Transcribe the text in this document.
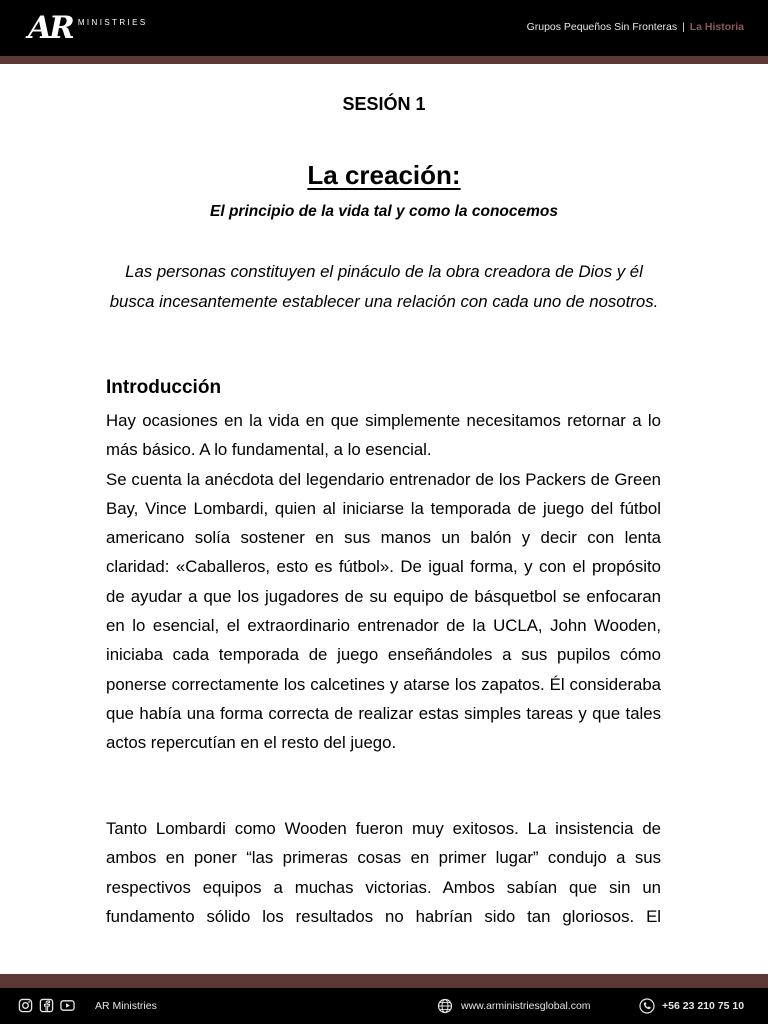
AR MINISTRIES	Grupos Pequeños Sin Fronteras | La Historia
SESIÓN 1
La creación:
El principio de la vida tal y como la conocemos
Las personas constituyen el pináculo de la obra creadora de Dios y él busca incesantemente establecer una relación con cada uno de nosotros.
Introducción

Hay ocasiones en la vida en que simplemente necesitamos retornar a lo más básico. A lo fundamental, a lo esencial.

Se cuenta la anécdota del legendario entrenador de los Packers de Green Bay, Vince Lombardi, quien al iniciarse la temporada de juego del fútbol americano solía sostener en sus manos un balón y decir con lenta claridad: «Caballeros, esto es fútbol». De igual forma, y con el propósito de ayudar a que los jugadores de su equipo de básquetbol se enfocaran en lo esencial, el extraordinario entrenador de la UCLA, John Wooden, iniciaba cada temporada de juego enseñándoles a sus pupilos cómo ponerse correctamente los calcetines y atarse los zapatos. Él consideraba que había una forma correcta de realizar estas simples tareas y que tales actos repercutían en el resto del juego.

Tanto Lombardi como Wooden fueron muy exitosos. La insistencia de ambos en poner “las primeras cosas en primer lugar” condujo a sus respectivos equipos a muchas victorias. Ambos sabían que sin un fundamento sólido los resultados no habrían sido tan gloriosos. El

AR Ministries	www.arministriesglobal.com	+56 23 210 75 10
